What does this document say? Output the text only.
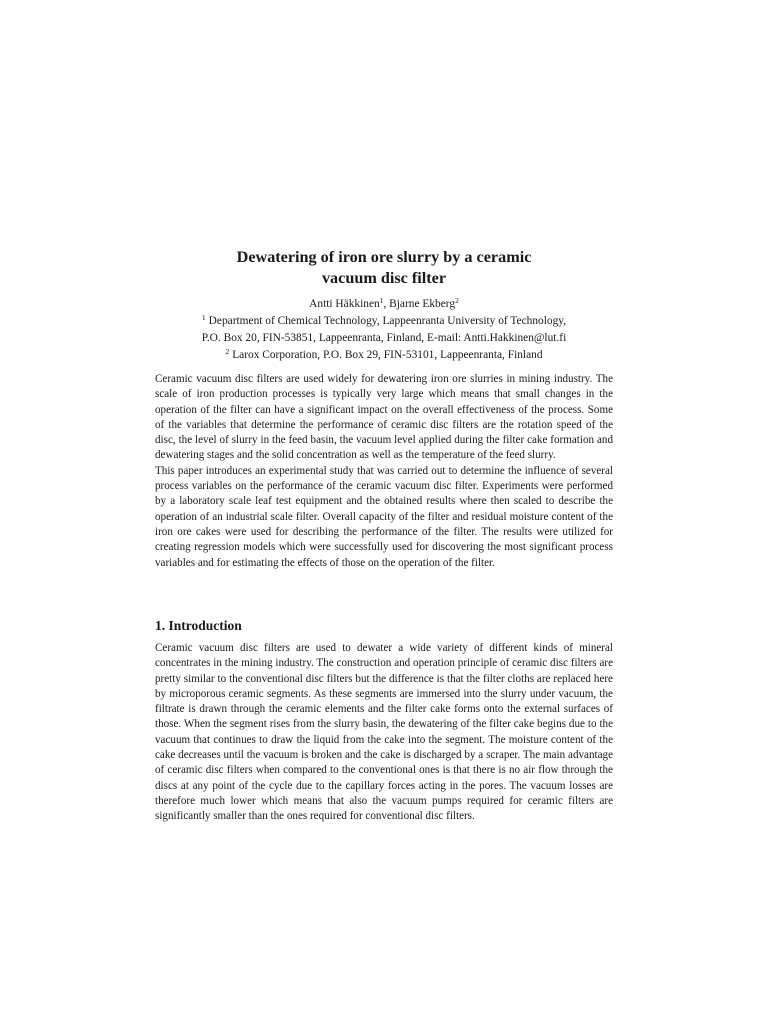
Dewatering of iron ore slurry by a ceramic
vacuum disc filter
Antti Häkkinen$^1$, Bjarne Ekberg$^2$
$^1$ Department of Chemical Technology, Lappeenranta University of Technology,
P.O. Box 20, FIN-53851, Lappeenranta, Finland, E-mail: Antti.Hakkinen@lut.fi
$^2$ Larox Corporation, P.O. Box 29, FIN-53101, Lappeenranta, Finland

Ceramic vacuum disc filters are used widely for dewatering iron ore slurries in mining industry. The scale of iron production processes is typically very large which means that small changes in the operation of the filter can have a significant impact on the overall effectiveness of the process. Some of the variables that determine the performance of ceramic disc filters are the rotation speed of the disc, the level of slurry in the feed basin, the vacuum level applied during the filter cake formation and dewatering stages and the solid concentration as well as the temperature of the feed slurry.

This paper introduces an experimental study that was carried out to determine the influence of several process variables on the performance of the ceramic vacuum disc filter. Experiments were performed by a laboratory scale leaf test equipment and the obtained results where then scaled to describe the operation of an industrial scale filter. Overall capacity of the filter and residual moisture content of the iron ore cakes were used for describing the performance of the filter. The results were utilized for creating regression models which were successfully used for discovering the most significant process variables and for estimating the effects of those on the operation of the filter.

1. Introduction

Ceramic vacuum disc filters are used to dewater a wide variety of different kinds of mineral concentrates in the mining industry. The construction and operation principle of ceramic disc filters are pretty similar to the conventional disc filters but the difference is that the filter cloths are replaced here by microporous ceramic segments. As these segments are immersed into the slurry under vacuum, the filtrate is drawn through the ceramic elements and the filter cake forms onto the external surfaces of those. When the segment rises from the slurry basin, the dewatering of the filter cake begins due to the vacuum that continues to draw the liquid from the cake into the segment. The moisture content of the cake decreases until the vacuum is broken and the cake is discharged by a scraper. The main advantage of ceramic disc filters when compared to the conventional ones is that there is no air flow through the discs at any point of the cycle due to the capillary forces acting in the pores. The vacuum losses are therefore much lower which means that also the vacuum pumps required for ceramic filters are significantly smaller than the ones required for conventional disc filters.
